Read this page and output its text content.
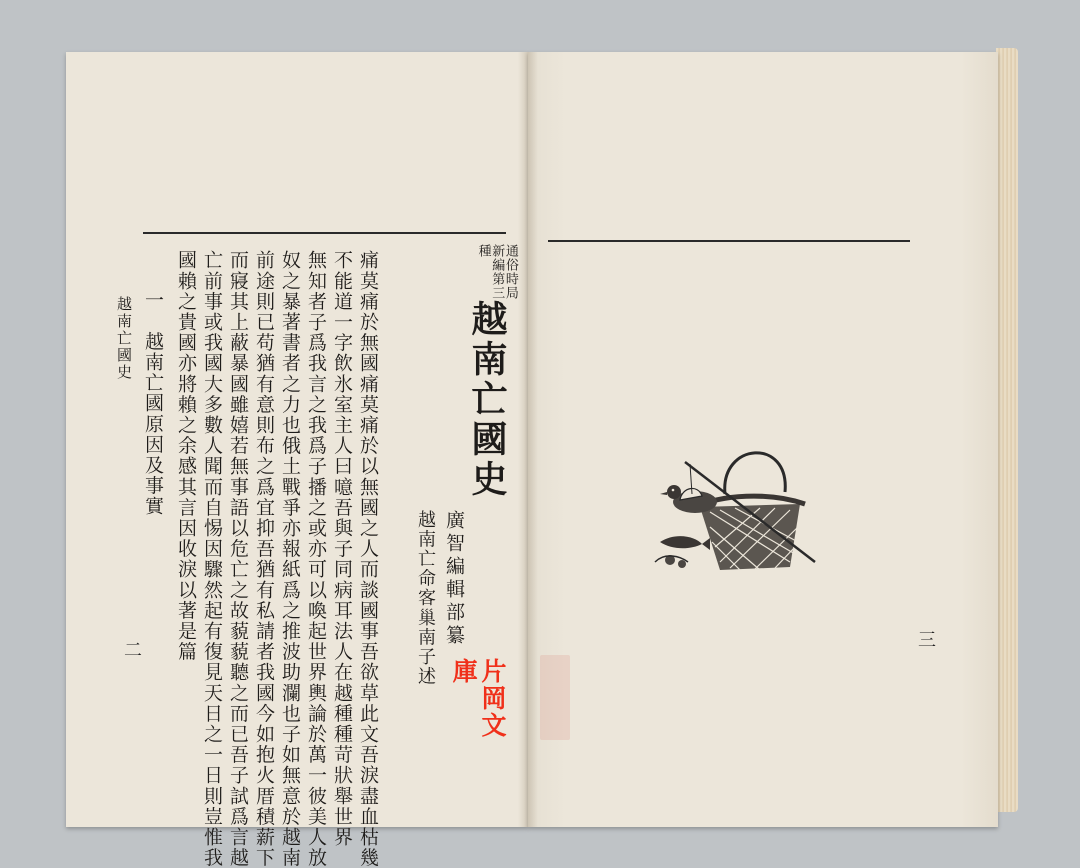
越南亡國史 一　越南亡國原因及事實 國賴之貴國亦將賴之余感其言因收淚以著是篇 亡前事或我國大多數人聞而自惕因驟然起有復見天日之一日則豈惟我 而寢其上蔽暴國雖嬉若無事語以危亡之故藐藐聽之而已吾子試爲言越 前途則已苟猶有意則布之爲宜抑吾猶有私請者我國今如抱火厝積薪下 奴之暴著書者之力也俄土戰爭亦報紙爲之推波助瀾也子如無意於越南 無知者子爲我言之我爲子播之或亦可以喚起世界輿論於萬一彼美人放 不能道一字飲氷室主人曰噫吾與子同病耳法人在越種種苛狀舉世界 痛莫痛於無國痛莫痛於以無國之人而談國事吾欲草此文吾淚盡血枯幾 越南亡命客巢南子述 廣智編輯部纂
越南亡國史
通俗時局新編第三種
片岡文庫
二
三
